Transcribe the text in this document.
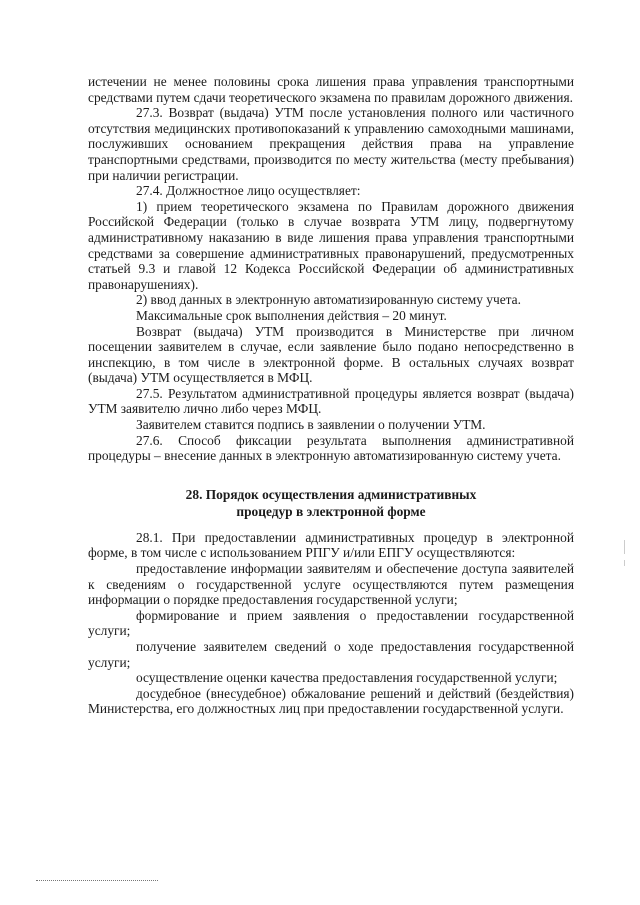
истечении не менее половины срока лишения права управления транспортными средствами путем сдачи теоретического экзамена по правилам дорожного движения.

27.3. Возврат (выдача) УТМ после установления полного или частичного отсутствия медицинских противопоказаний к управлению самоходными машинами, послуживших основанием прекращения действия права на управление транспортными средствами, производится по месту жительства (месту пребывания) при наличии регистрации.

27.4. Должностное лицо осуществляет:

1) прием теоретического экзамена по Правилам дорожного движения Российской Федерации (только в случае возврата УТМ лицу, подвергнутому административному наказанию в виде лишения права управления транспортными средствами за совершение административных правонарушений, предусмотренных статьей 9.3 и главой 12 Кодекса Российской Федерации об административных правонарушениях).

2) ввод данных в электронную автоматизированную систему учета.

Максимальные срок выполнения действия – 20 минут.

Возврат (выдача) УТМ производится в Министерстве при личном посещении заявителем в случае, если заявление было подано непосредственно в инспекцию, в том числе в электронной форме. В остальных случаях возврат (выдача) УТМ осуществляется в МФЦ.

27.5. Результатом административной процедуры является возврат (выдача) УТМ заявителю лично либо через МФЦ.

Заявителем ставится подпись в заявлении о получении УТМ.

27.6. Способ фиксации результата выполнения административной процедуры – внесение данных в электронную автоматизированную систему учета.

28. Порядок осуществления административных
процедур в электронной форме

28.1. При предоставлении административных процедур в электронной форме, в том числе с использованием РПГУ и/или ЕПГУ осуществляются:

предоставление информации заявителям и обеспечение доступа заявителей к сведениям о государственной услуге осуществляются путем размещения информации о порядке предоставления государственной услуги;

формирование и прием заявления о предоставлении государственной услуги;

получение заявителем сведений о ходе предоставления государственной услуги;

осуществление оценки качества предоставления государственной услуги;

досудебное (внесудебное) обжалование решений и действий (бездействия) Министерства, его должностных лиц при предоставлении государственной услуги.
